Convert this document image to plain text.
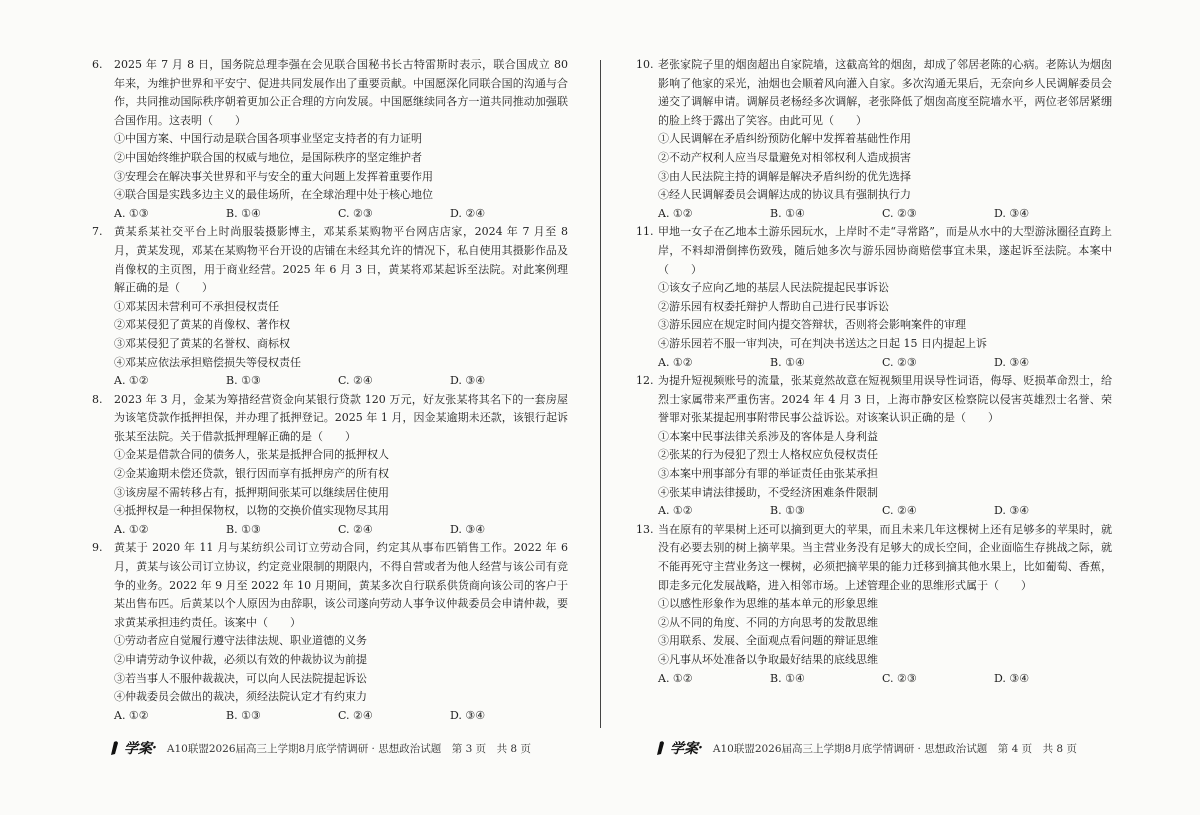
6.	2025 年 7 月 8 日，国务院总理李强在会见联合国秘书长古特雷斯时表示，联合国成立 80 年来，为维护世界和平安宁、促进共同发展作出了重要贡献。中国愿深化同联合国的沟通与合作，共同推动国际秩序朝着更加公正合理的方向发展。中国愿继续同各方一道共同推动加强联合国作用。这表明（　　）
①中国方案、中国行动是联合国各项事业坚定支持者的有力证明
②中国始终维护联合国的权威与地位，是国际秩序的坚定维护者
③安理会在解决事关世界和平与安全的重大问题上发挥着重要作用
④联合国是实践多边主义的最佳场所，在全球治理中处于核心地位
A. ①③	B. ①④	C. ②③	D. ②④
7.	黄某系某社交平台上时尚服装摄影博主，邓某系某购物平台网店店家，2024 年 7 月至 8 月，黄某发现，邓某在某购物平台开设的店铺在未经其允许的情况下，私自使用其摄影作品及肖像权的主页图，用于商业经营。2025 年 6 月 3 日，黄某将邓某起诉至法院。对此案例理解正确的是（　　）
①邓某因未营利可不承担侵权责任
②邓某侵犯了黄某的肖像权、著作权
③邓某侵犯了黄某的名誉权、商标权
④邓某应依法承担赔偿损失等侵权责任
A. ①②	B. ①③	C. ②④	D. ③④
8.	2023 年 3 月，金某为筹措经营资金向某银行贷款 120 万元，好友张某将其名下的一套房屋为该笔贷款作抵押担保，并办理了抵押登记。2025 年 1 月，因金某逾期未还款，该银行起诉张某至法院。关于借款抵押理解正确的是（　　）
①金某是借款合同的债务人，张某是抵押合同的抵押权人
②金某逾期未偿还贷款，银行因而享有抵押房产的所有权
③该房屋不需转移占有，抵押期间张某可以继续居住使用
④抵押权是一种担保物权，以物的交换价值实现物尽其用
A. ①②	B. ①③	C. ②④	D. ③④
9.	黄某于 2020 年 11 月与某纺织公司订立劳动合同，约定其从事布匹销售工作。2022 年 6 月，黄某与该公司订立协议，约定竞业限制的期限内，不得自营或者为他人经营与该公司有竞争的业务。2022 年 9 月至 2022 年 10 月期间，黄某多次自行联系供货商向该公司的客户于某出售布匹。后黄某以个人原因为由辞职，该公司遂向劳动人事争议仲裁委员会申请仲裁，要求黄某承担违约责任。该案中（　　）
①劳动者应自觉履行遵守法律法规、职业道德的义务
②申请劳动争议仲裁，必须以有效的仲裁协议为前提
③若当事人不服仲裁裁决，可以向人民法院提起诉讼
④仲裁委员会做出的裁决，须经法院认定才有约束力
A. ①②	B. ①③	C. ②④	D. ③④
10. 老张家院子里的烟囱超出自家院墙，这截高耸的烟囱，却成了邻居老陈的心病。老陈认为烟囱影响了他家的采光，油烟也会顺着风向灌入自家。多次沟通无果后，无奈向乡人民调解委员会递交了调解申请。调解员老杨经多次调解，老张降低了烟囱高度至院墙水平，两位老邻居紧绷的脸上终于露出了笑容。由此可见（　　）
①人民调解在矛盾纠纷预防化解中发挥着基础性作用
②不动产权利人应当尽量避免对相邻权利人造成损害
③由人民法院主持的调解是解决矛盾纠纷的优先选择
④经人民调解委员会调解达成的协议具有强制执行力
A. ①②	B. ①④	C. ②③	D. ③④
11. 甲地一女子在乙地本土游乐园玩水，上岸时不走“寻常路”，而是从水中的大型游泳圈径直跨上岸，不料却滑倒摔伤致残，随后她多次与游乐园协商赔偿事宜未果，遂起诉至法院。本案中（　　）
①该女子应向乙地的基层人民法院提起民事诉讼
②游乐园有权委托辩护人帮助自己进行民事诉讼
③游乐园应在规定时间内提交答辩状，否则将会影响案件的审理
④游乐园若不服一审判决，可在判决书送达之日起 15 日内提起上诉
A. ①②	B. ①④	C. ②③	D. ③④
12. 为提升短视频账号的流量，张某竟然故意在短视频里用误导性词语，侮辱、贬损革命烈士，给烈士家属带来严重伤害。2024 年 4 月 3 日，上海市静安区检察院以侵害英雄烈士名誉、荣誉罪对张某提起刑事附带民事公益诉讼。对该案认识正确的是（　　）
①本案中民事法律关系涉及的客体是人身利益
②张某的行为侵犯了烈士人格权应负侵权责任
③本案中刑事部分有罪的举证责任由张某承担
④张某申请法律援助，不受经济困难条件限制
A. ①②	B. ①③	C. ②④	D. ③④
13. 当在原有的苹果树上还可以摘到更大的苹果，而且未来几年这棵树上还有足够多的苹果时，就没有必要去别的树上摘苹果。当主营业务没有足够大的成长空间，企业面临生存挑战之际，就不能再死守主营业务这一棵树，必须把摘苹果的能力迁移到摘其他水果上，比如葡萄、香蕉，即走多元化发展战略，进入相邻市场。上述管理企业的思维形式属于（　　）
①以感性形象作为思维的基本单元的形象思维
②从不同的角度、不同的方向思考的发散思维
③用联系、发展、全面观点看问题的辩证思维
④凡事从坏处准备以争取最好结果的底线思维
A. ①②	B. ①④	C. ②③	D. ③④
学案 · A10联盟2026届高三上学期8月底学情调研 · 思想政治试题　第 3 页　共 8 页	学案 · A10联盟2026届高三上学期8月底学情调研 · 思想政治试题　第 4 页　共 8 页
